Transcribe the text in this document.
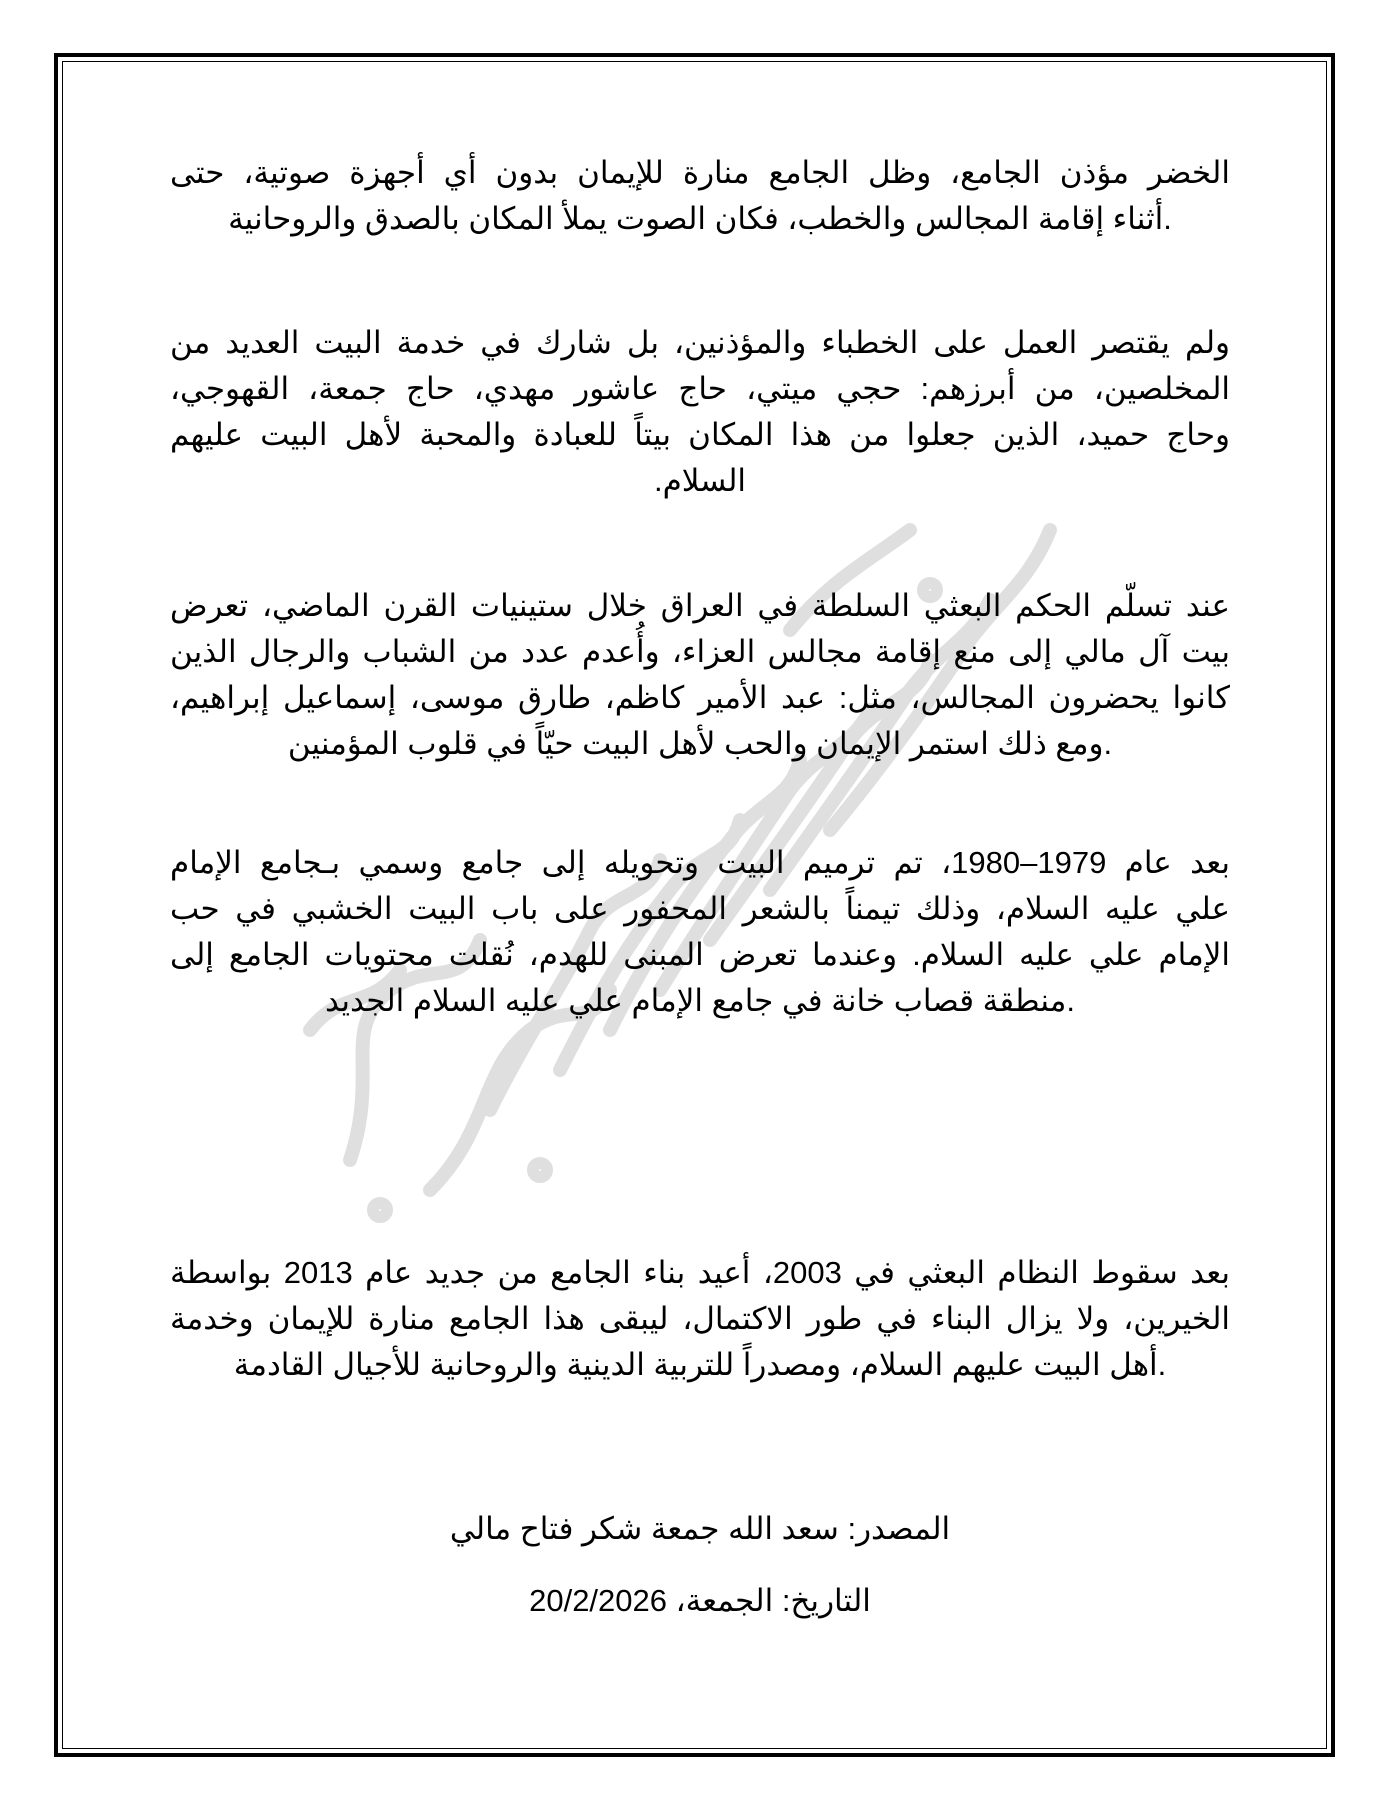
الخضر مؤذن الجامع، وظل الجامع منارة للإيمان بدون أي أجهزة صوتية، حتى
.أثناء إقامة المجالس والخطب، فكان الصوت يملأ المكان بالصدق والروحانية
ولم يقتصر العمل على الخطباء والمؤذنين، بل شارك في خدمة البيت العديد من
المخلصين، من أبرزهم: حجي ميتي، حاج عاشور مهدي، حاج جمعة، القهوجي،
وحاج حميد، الذين جعلوا من هذا المكان بيتاً للعبادة والمحبة لأهل البيت عليهم
السلام.
عند تسلّم الحكم البعثي السلطة في العراق خلال ستينيات القرن الماضي، تعرض
بيت آل مالي إلى منع إقامة مجالس العزاء، وأُعدم عدد من الشباب والرجال الذين
كانوا يحضرون المجالس، مثل: عبد الأمير كاظم، طارق موسى، إسماعيل إبراهيم،
.ومع ذلك استمر الإيمان والحب لأهل البيت حيّاً في قلوب المؤمنين
بعد عام 1979–1980، تم ترميم البيت وتحويله إلى جامع وسمي بـجامع الإمام
علي عليه السلام، وذلك تيمناً بالشعر المحفور على باب البيت الخشبي في حب
الإمام علي عليه السلام. وعندما تعرض المبنى للهدم، نُقلت محتويات الجامع إلى
.منطقة قصاب خانة في جامع الإمام علي عليه السلام الجديد
بعد سقوط النظام البعثي في 2003، أعيد بناء الجامع من جديد عام 2013 بواسطة
الخيرين، ولا يزال البناء في طور الاكتمال، ليبقى هذا الجامع منارة للإيمان وخدمة
.أهل البيت عليهم السلام، ومصدراً للتربية الدينية والروحانية للأجيال القادمة
المصدر: سعد الله جمعة شكر فتاح مالي
التاريخ: الجمعة، 20/2/2026
